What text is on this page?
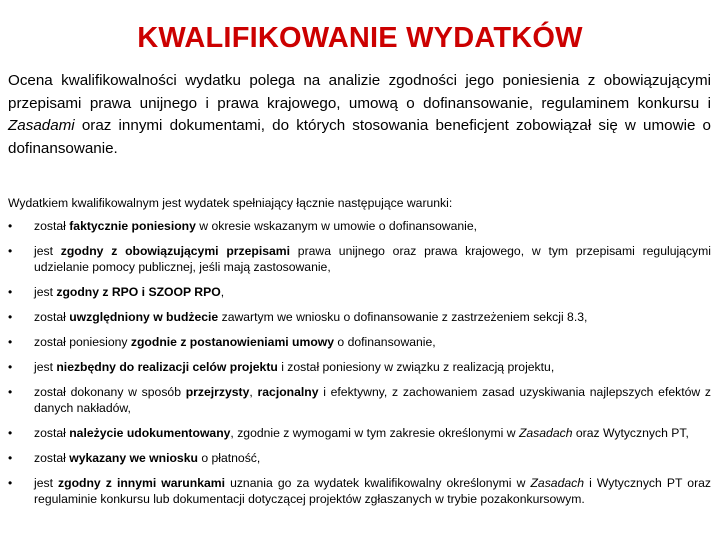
KWALIFIKOWANIE WYDATKÓW

Ocena kwalifikowalności wydatku polega na analizie zgodności jego poniesienia z obowiązującymi przepisami prawa unijnego i prawa krajowego, umową o dofinansowanie, regulaminem konkursu i Zasadami oraz innymi dokumentami, do których stosowania beneficjent zobowiązał się w umowie o dofinansowanie.

Wydatkiem kwalifikowalnym jest wydatek spełniający łącznie następujące warunki:
• został faktycznie poniesiony w okresie wskazanym w umowie o dofinansowanie,
• jest zgodny z obowiązującymi przepisami prawa unijnego oraz prawa krajowego, w tym przepisami regulującymi udzielanie pomocy publicznej, jeśli mają zastosowanie,
• jest zgodny z RPO i SZOOP RPO,
• został uwzględniony w budżecie zawartym we wniosku o dofinansowanie z zastrzeżeniem sekcji 8.3,
• został poniesiony zgodnie z postanowieniami umowy o dofinansowanie,
• jest niezbędny do realizacji celów projektu i został poniesiony w związku z realizacją projektu,
• został dokonany w sposób przejrzysty, racjonalny i efektywny, z zachowaniem zasad uzyskiwania najlepszych efektów z danych nakładów,
• został należycie udokumentowany, zgodnie z wymogami w tym zakresie określonymi w Zasadach oraz Wytycznych PT,
• został wykazany we wniosku o płatność,
• jest zgodny z innymi warunkami uznania go za wydatek kwalifikowalny określonymi w Zasadach i Wytycznych PT oraz regulaminie konkursu lub dokumentacji dotyczącej projektów zgłaszanych w trybie pozakonkursowym.
